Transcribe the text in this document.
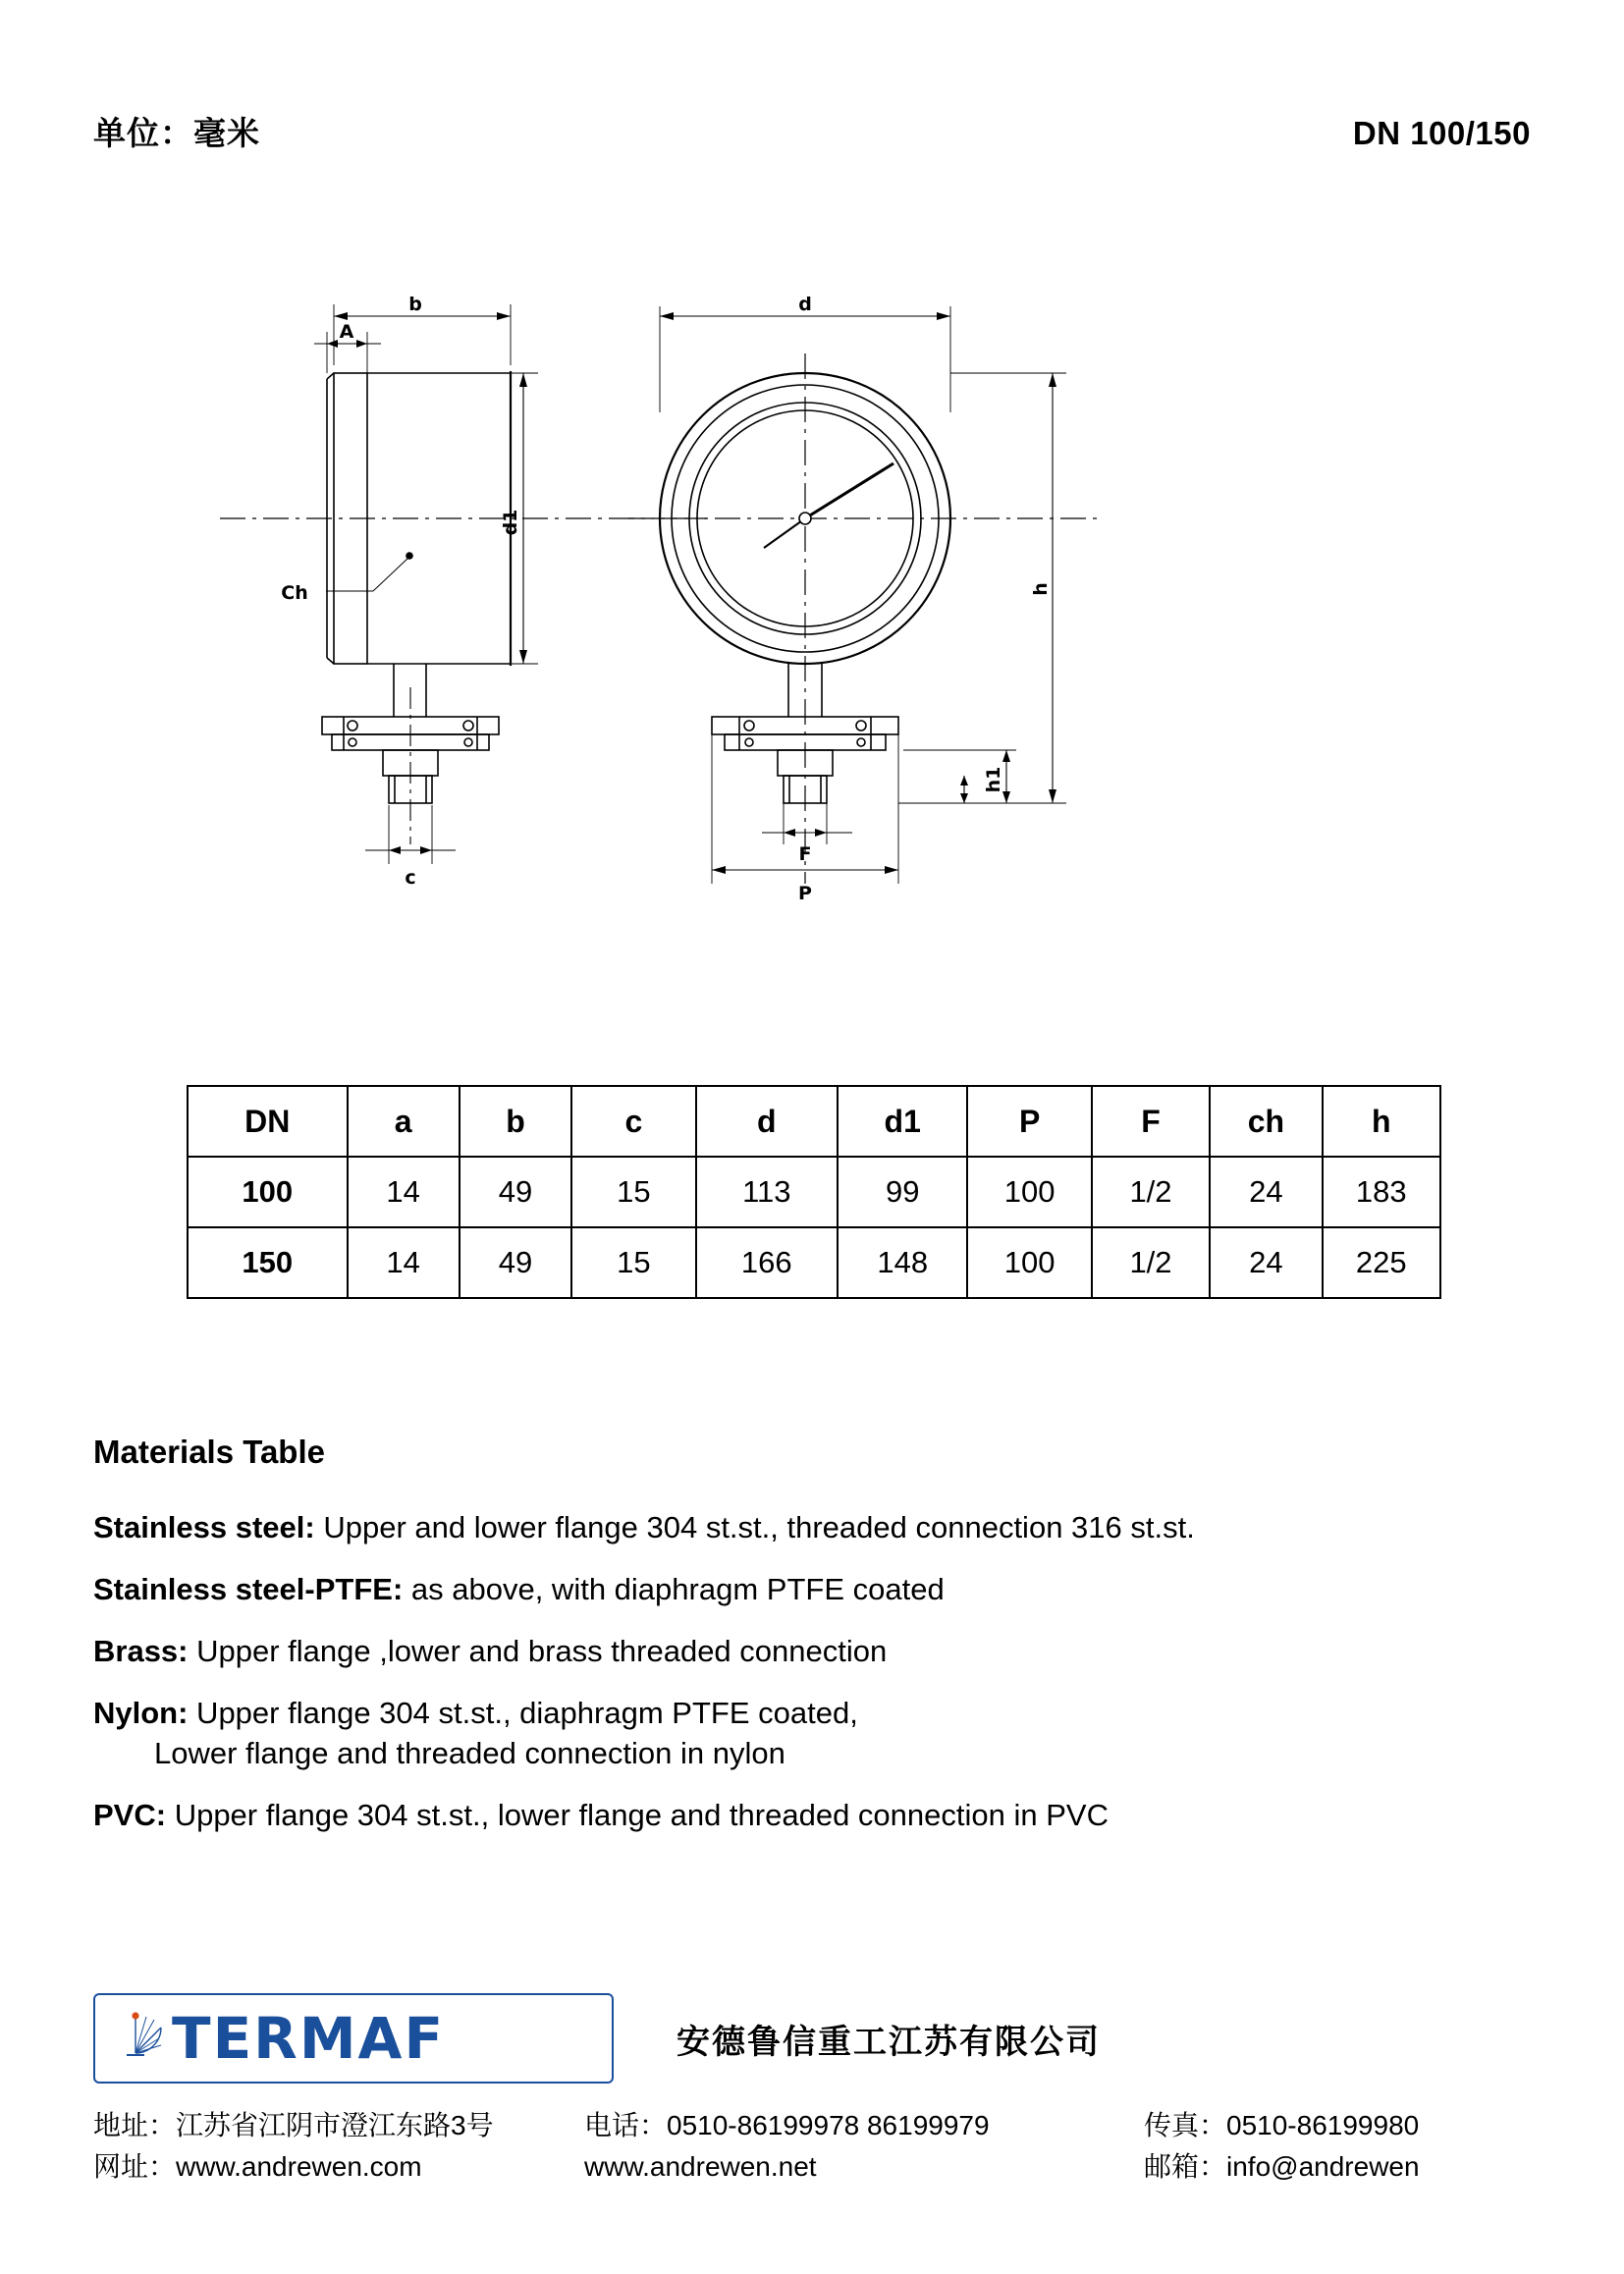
单位：毫米	DN 100/150
b
A
d1
Ch
c
d
h
h1
F
P
DN	a	b	c	d	d1	P	F	ch	h
100	14	49	15	113	99	100	1/2	24	183
150	14	49	15	166	148	100	1/2	24	225
Materials Table
Stainless steel: Upper and lower flange 304 st.st., threaded connection 316 st.st.
Stainless steel-PTFE: as above, with diaphragm PTFE coated
Brass: Upper flange ,lower and brass threaded connection
Nylon: Upper flange 304 st.st., diaphragm PTFE coated,
Lower flange and threaded connection in nylon
PVC: Upper flange 304 st.st., lower flange and threaded connection in PVC
TERMAF	安德鲁信重工江苏有限公司
地址：江苏省江阴市澄江东路3号	电话：0510-86199978 86199979	传真：0510-86199980
网址：www.andrewen.com	www.andrewen.net	邮箱：info@andrewen
